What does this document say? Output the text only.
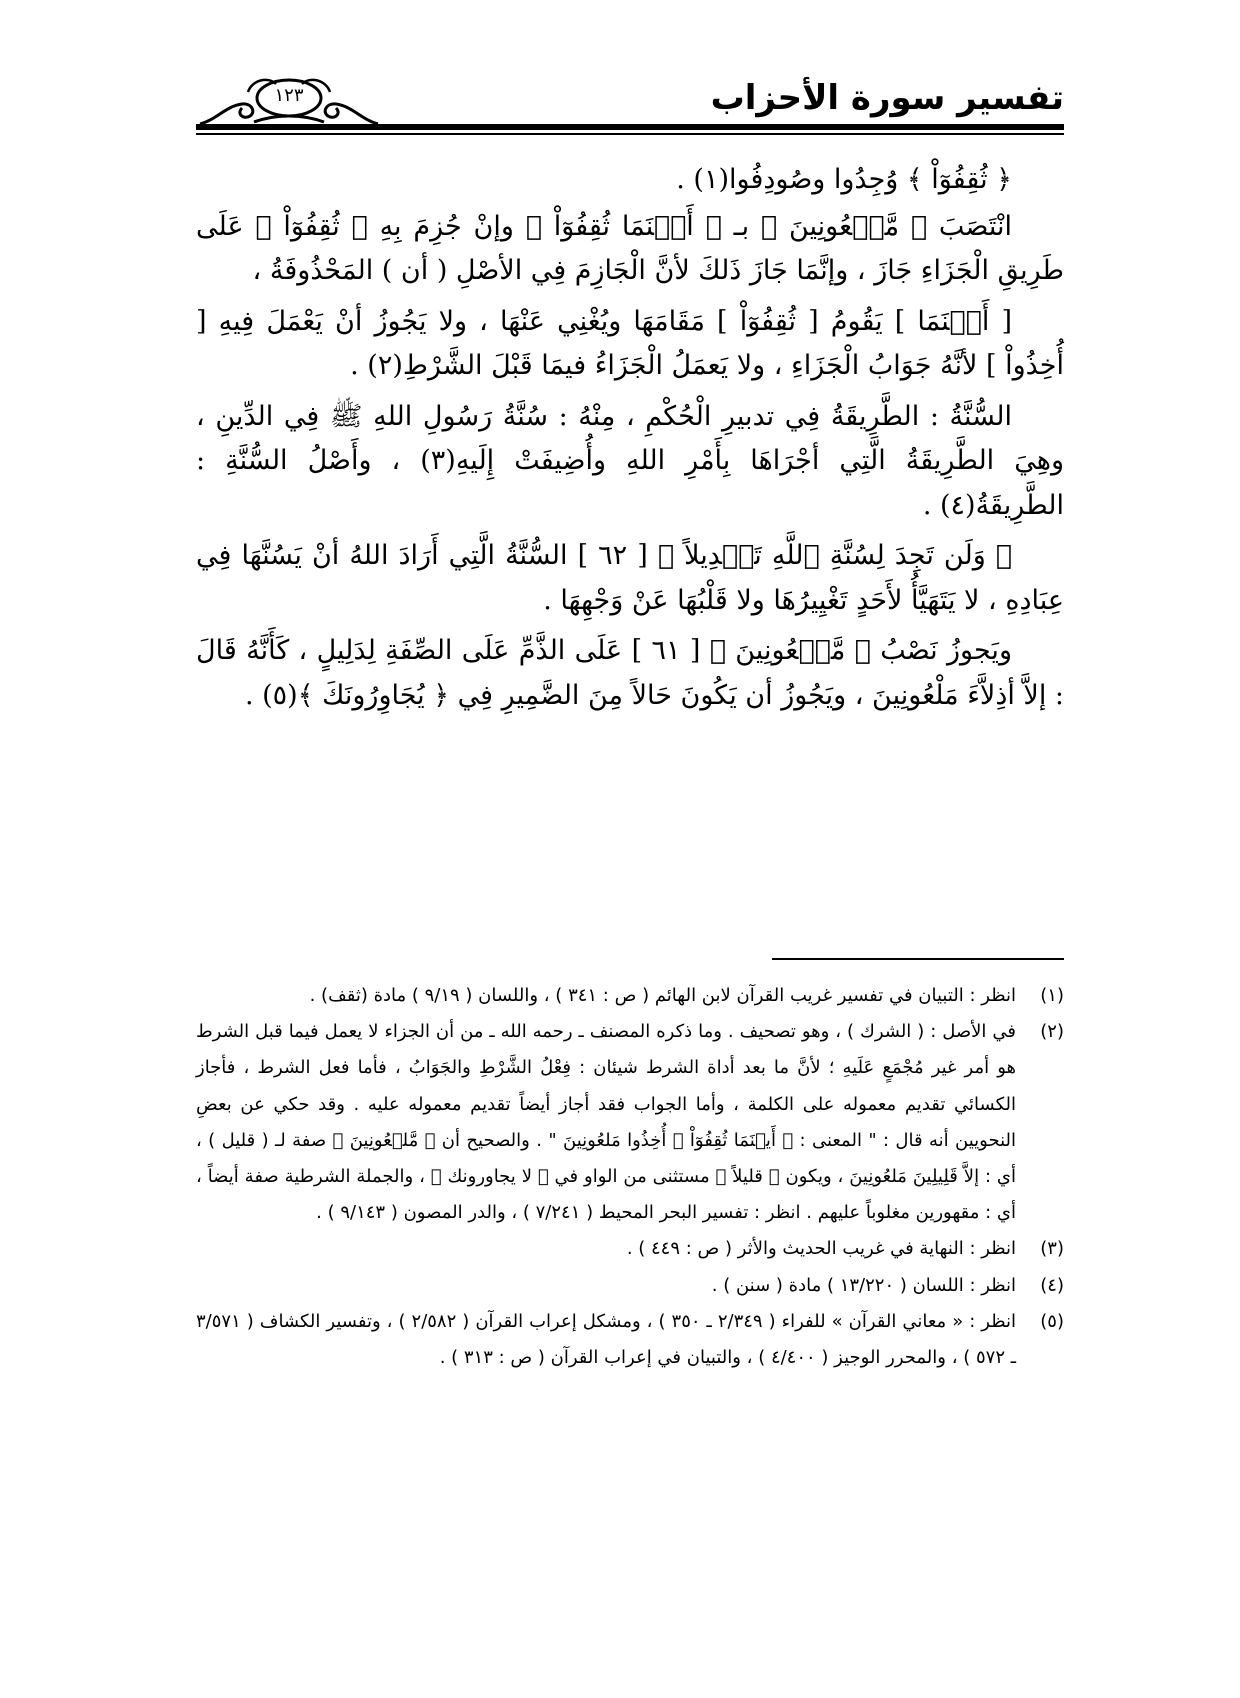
تفسير سورة الأحزاب
١٢٣

﴿ ثُقِفُوٓاْ ﴾ وُجِدُوا وصُودِفُوا(١) .

انْتَصَبَ ﴿ مَّلۡعُونِينَ ﴾ بـ ﴿ أَيۡنَمَا ثُقِفُوٓاْ ﴾ وإنْ جُزِمَ بِهِ ﴿ ثُقِفُوٓاْ ﴾ عَلَى طَرِيقِ الْجَزَاءِ جَازَ ، وإنَّمَا جَازَ ذَلكَ لأنَّ الْجَازِمَ فِي الأصْلِ ( أن ) المَحْذُوفَةُ ،

[ أَيۡنَمَا ] يَقُومُ [ ثُقِفُوٓاْ ] مَقَامَهَا ويُغْنِي عَنْهَا ، ولا يَجُوزُ أنْ يَعْمَلَ فِيهِ [ أُخِذُواْ ] لأنَّهُ جَوَابُ الْجَزَاءِ ، ولا يَعمَلُ الْجَزَاءُ فيمَا قَبْلَ الشَّرْطِ(٢) .

السُّنَّةُ : الطَّرِيقَةُ فِي تدبيرِ الْحُكْمِ ، مِنْهُ : سُنَّةُ رَسُولِ اللهِ ﷺ فِي الدِّينِ ، وهِيَ الطَّرِيقَةُ الَّتِي أجْرَاهَا بِأَمْرِ اللهِ وأُضِيفَتْ إِلَيهِ(٣) ، وأَصْلُ السُّنَّةِ : الطَّرِيقَةُ(٤) .

﴿ وَلَن تَجِدَ لِسُنَّةِ ٱللَّهِ تَبۡدِيلاً ﴾ [ ٦٢ ] السُّنَّةُ الَّتِي أَرَادَ اللهُ أنْ يَسُنَّهَا فِي عِبَادِهِ ، لا يَتَهَيَّأُ لأَحَدٍ تَغْيِيرُهَا ولا قَلْبُهَا عَنْ وَجْهِهَا .

ويَجوزُ نَصْبُ ﴿ مَّلۡعُونِينَ ﴾ [ ٦١ ] عَلَى الذَّمِّ عَلَى الصِّفَةِ لِدَلِيلٍ ، كَأَنَّهُ قَالَ : إلاَّ أذِلاَّءَ مَلْعُونِينَ ، ويَجُوزُ أن يَكُونَ حَالاً مِنَ الضَّمِيرِ فِي ﴿ يُجَاوِرُونَكَ ﴾(٥) .

(١)
انظر : التبيان في تفسير غريب القرآن لابن الهائم ( ص : ٣٤١ ) ، واللسان ( ٩/١٩ ) مادة (ثقف) .
(٢)
في الأصل : ( الشرك ) ، وهو تصحيف . وما ذكره المصنف ـ رحمه الله ـ من أن الجزاء لا يعمل فيما قبل الشرط هو أمر غير مُجْمَعٍ عَلَيهِ ؛ لأنَّ ما بعد أداة الشرط شيئان : فِعْلُ الشَّرْطِ والجَوَابُ ، فأما فعل الشرط ، فأجاز الكسائي تقديم معموله على الكلمة ، وأما الجواب فقد أجاز أيضاً تقديم معموله عليه . وقد حكي عن بعضِ النحويين أنه قال : " المعنى : ﴿ أَيۡنَمَا ثُقِفُوٓاْ ﴾ أُخِذُوا مَلعُونِينَ " . والصحيح أن ﴿ مَّلۡعُونِينَ ﴾ صفة لـ ( قليل ) ، أي : إلاَّ قَلِيلِينَ مَلعُونِينَ ، ويكون ﴿ قليلاً ﴾ مستثنى من الواو في ﴿ لا يجاورونك ﴾ ، والجملة الشرطية صفة أيضاً ، أي : مقهورين مغلوباً عليهم . انظر : تفسير البحر المحيط ( ٧/٢٤١ ) ، والدر المصون ( ٩/١٤٣ ) .
(٣)
انظر : النهاية في غريب الحديث والأثر ( ص : ٤٤٩ ) .
(٤)
انظر : اللسان ( ١٣/٢٢٠ ) مادة ( سنن ) .
(٥)
انظر : « معاني القرآن » للفراء ( ٢/٣٤٩ ـ ٣٥٠ ) ، ومشكل إعراب القرآن ( ٢/٥٨٢ ) ، وتفسير الكشاف ( ٣/٥٧١ ـ ٥٧٢ ) ، والمحرر الوجيز ( ٤/٤٠٠ ) ، والتبيان في إعراب القرآن ( ص : ٣١٣ ) .
